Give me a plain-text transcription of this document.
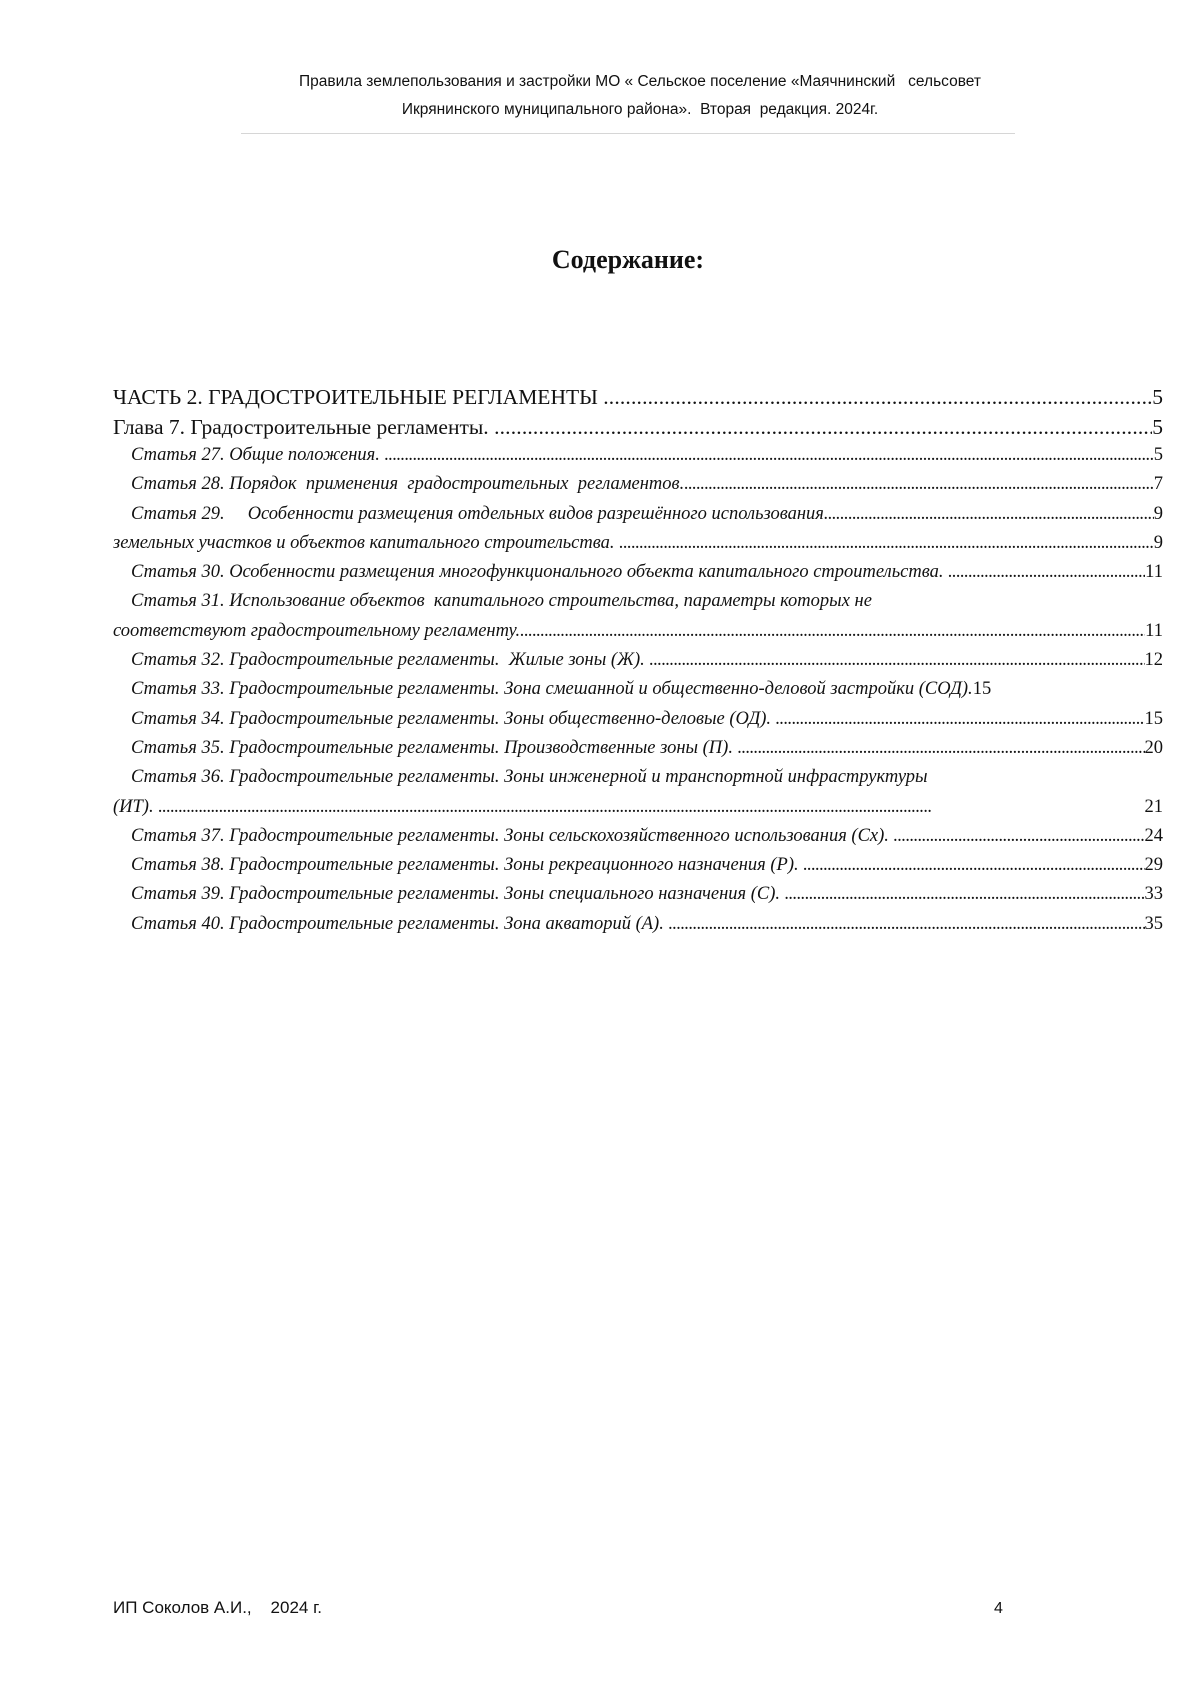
Правила землепользования и застройки МО « Сельское поселение «Маячнинский   сельсовет
Икрянинского муниципального района».  Вторая  редакция. 2024г.
Содержание:
ЧАСТЬ 2. ГРАДОСТРОИТЕЛЬНЫЕ РЕГЛАМЕНТЫ . . .	5
Глава 7. Градостроительные регламенты. . . .	5
Статья 27. Общие положения. . . .	5
Статья 28. Порядок  применения  градостроительных  регламентов. . . .	7
Статья 29.     Особенности размещения отдельных видов разрешённого использования . . .	9
земельных участков и объектов капитального строительства. . . .	9
Статья 30. Особенности размещения многофункционального объекта капитального строительства. . . .	11
Статья 31. Использование объектов  капитального строительства, параметры которых не
соответствуют градостроительному регламенту. . . .	11
Статья 32. Градостроительные регламенты.  Жилые зоны (Ж). . . .	12
Статья 33. Градостроительные регламенты. Зона смешанной и общественно-деловой застройки (СОД). 15
Статья 34. Градостроительные регламенты. Зоны общественно-деловые (ОД). . . .	15
Статья 35. Градостроительные регламенты. Производственные зоны (П). . . .	20
Статья 36. Градостроительные регламенты. Зоны инженерной и транспортной инфраструктуры
(ИТ). . . .	21
Статья 37. Градостроительные регламенты. Зоны сельскохозяйственного использования (Сх). . . .	24
Статья 38. Градостроительные регламенты. Зоны рекреационного назначения (Р). . . .	29
Статья 39. Градостроительные регламенты. Зоны специального назначения (С). . . .	33
Статья 40. Градостроительные регламенты. Зона акваторий (А). . . .	35
ИП Соколов А.И.,    2024 г.	4
